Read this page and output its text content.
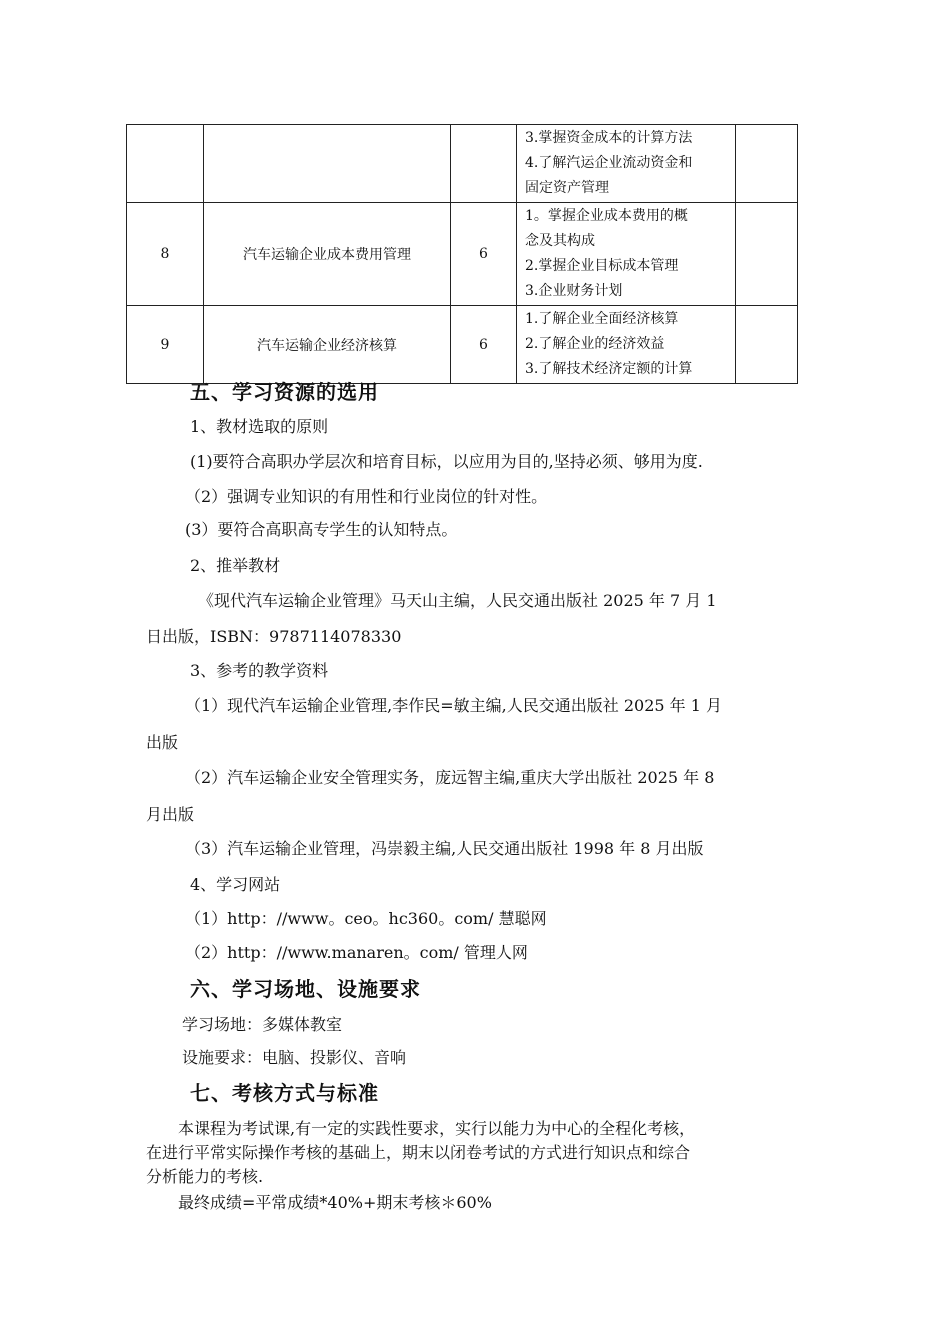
			3.掌握资金成本的计算方法
4.了解汽运企业流动资金和
固定资产管理	

8	汽车运输企业成本费用管理	6	1。掌握企业成本费用的概
念及其构成
2.掌握企业目标成本管理
3.企业财务计划	

9	汽车运输企业经济核算	6	1.了解企业全面经济核算
2.了解企业的经济效益
3.了解技术经济定额的计算	

五、学习资源的选用

1、教材选取的原则

(1)要符合高职办学层次和培育目标，以应用为目的,坚持必须、够用为度.

（2）强调专业知识的有用性和行业岗位的针对性。

(3）要符合高职高专学生的认知特点。

2、推举教材

《现代汽车运输企业管理》马天山主编，人民交通出版社 2025 年 7 月 1

日出版，ISBN：9787114078330

3、参考的教学资料

（1）现代汽车运输企业管理,李作民=敏主编,人民交通出版社 2025 年 1 月

出版

（2）汽车运输企业安全管理实务，庞远智主编,重庆大学出版社 2025 年 8

月出版

（3）汽车运输企业管理，冯崇毅主编,人民交通出版社 1998 年 8 月出版

4、学习网站

（1）http：//www。ceo。hc360。com/ 慧聪网

（2）http：//www.manaren。com/ 管理人网

六、学习场地、设施要求

学习场地：多媒体教室

设施要求：电脑、投影仪、音响

七、考核方式与标准

本课程为考试课,有一定的实践性要求，实行以能力为中心的全程化考核，

在进行平常实际操作考核的基础上，期末以闭卷考试的方式进行知识点和综合

分析能力的考核.

最终成绩=平常成绩*40%+期末考核＊60%
